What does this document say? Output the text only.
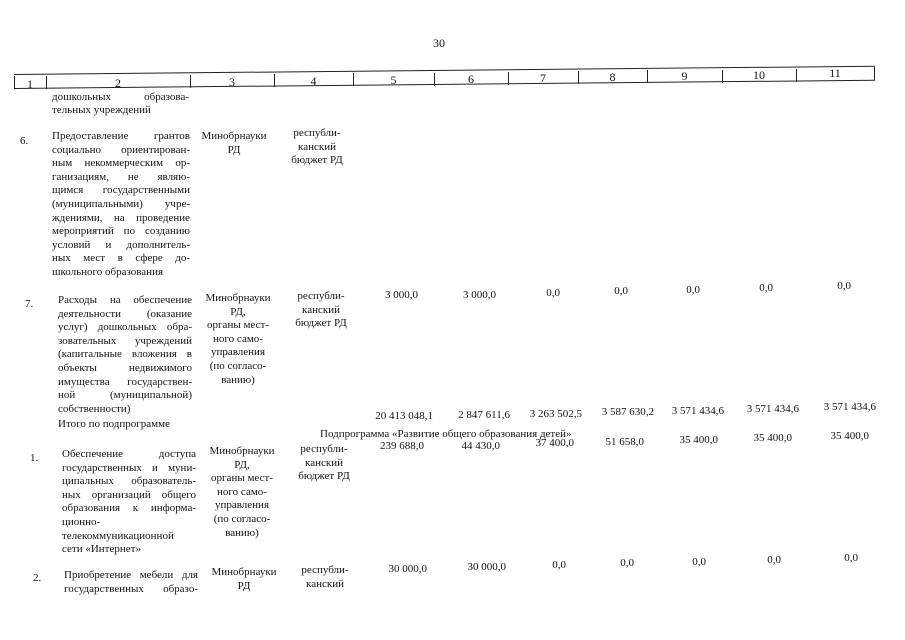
30
1	2	3	4	5	6	7	8	9	10	11
дошкольных образова-
тельных учреждений
6. Предоставление грантов
социально ориентирован-
ным некоммерческим ор-
ганизациям, не являю-
щимся государственными
(муниципальными) учре-
ждениями, на проведение
мероприятий по созданию
условий и дополнитель-
ных мест в сфере до-
школьного образования
Минобрнауки
РД
республи-
канский
бюджет РД
7. Расходы на обеспечение
деятельности (оказание
услуг) дошкольных обра-
зовательных учреждений
(капитальные вложения в
объекты недвижимого
имущества государствен-
ной (муниципальной)
собственности)
Минобрнауки
РД,
органы мест-
ного само-
управления
(по согласо-
ванию)
республи-
канский
бюджет РД
3 000,0	3 000,0	0,0	0,0	0,0	0,0	0,0
Итого по подпрограмме
20 413 048,1	2 847 611,6	3 263 502,5	3 587 630,2	3 571 434,6	3 571 434,6	3 571 434,6
Подпрограмма «Развитие общего образования детей»
1. Обеспечение доступа
государственных и муни-
ципальных образователь-
ных организаций общего
образования к информа-
ционно-
телекоммуникационной
сети «Интернет»
Минобрнауки
РД,
органы мест-
ного само-
управления
(по согласо-
ванию)
республи-
канский
бюджет РД
239 688,0	44 430,0	37 400,0	51 658,0	35 400,0	35 400,0	35 400,0
2. Приобретение мебели для
государственных образо-
Минобрнауки
РД
республи-
канский
30 000,0	30 000,0	0,0	0,0	0,0	0,0	0,0
